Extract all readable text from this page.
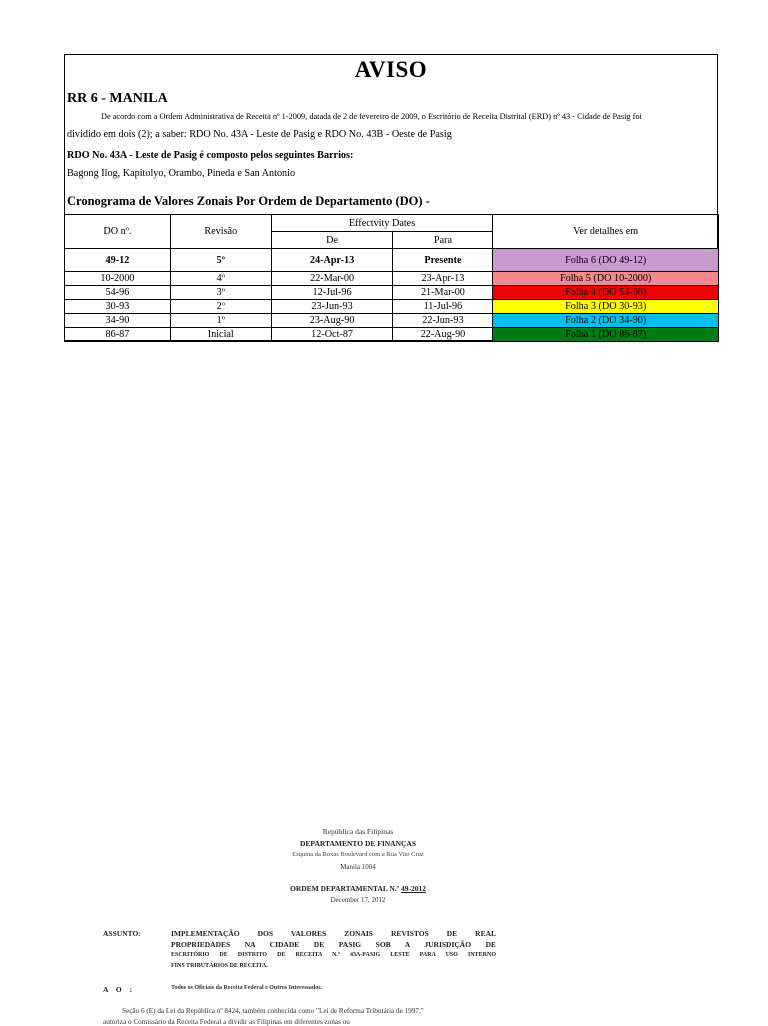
AVISO
RR 6 - MANILA
De acordo com a Ordem Administrativa de Receita nº 1-2009, datada de 2 de fevereiro de 2009, o Escritório de Receita Distrital (ERD) nº 43 - Cidade de Pasig foi
dividido em dois (2); a saber: RDO No. 43A - Leste de Pasig e RDO No. 43B - Oeste de Pasig
RDO No. 43A - Leste de Pasig é composto pelos seguintes Barrios:
Bagong Ilog, Kapitolyo, Orambo, Pineda e San Antonio
Cronograma de Valores Zonais Por Ordem de Departamento (DO) -
DO nº.	Revisão	Effectvity Dates		Ver detalhes em
		De	Para	
49-12	5º	24-Apr-13	Presente	Folha 6 (DO 49-12)
10-2000	4º	22-Mar-00	23-Apr-13	Folha 5 (DO 10-2000)
54-96	3º	12-Jul-96	21-Mar-00	Folha 4 (DO 54-96)
30-93	2º	23-Jun-93	11-Jul-96	Folha 3 (DO 30-93)
34-90	1º	23-Aug-90	22-Jun-93	Folha 2 (DO 34-90)
86-87	Inicial	12-Oct-87	22-Aug-90	Folha 1 (DO 86-87)
República das Filipinas
DEPARTAMENTO DE FINANÇAS
Esquina da Roxas Boulevard com a Rua Vito Cruz
Manila 1004
ORDEM DEPARTAMENTAL N.º 49-2012
December 17, 2012
ASSUNTO:	IMPLEMENTAÇÃO DOS VALORES ZONAIS REVISTOS DE REAL
PROPRIEDADES NA CIDADE DE PASIG SOB A JURISDIÇÃO DE
ESCRITÓRIO DE DISTRITO DE RECEITA N.º 43A-PASIG LESTE PARA USO INTERNO
FINS TRIBUTÁRIOS DE RECEITA.
A O :	Todos os Oficiais da Receita Federal e Outros Interessados.
Seção 6 (E) da Lei da República nº 8424, também conhecida como "Lei de Reforma Tributária de 1997,"
autoriza o Comissário da Receita Federal a dividir as Filipinas em diferentes zonas ou
